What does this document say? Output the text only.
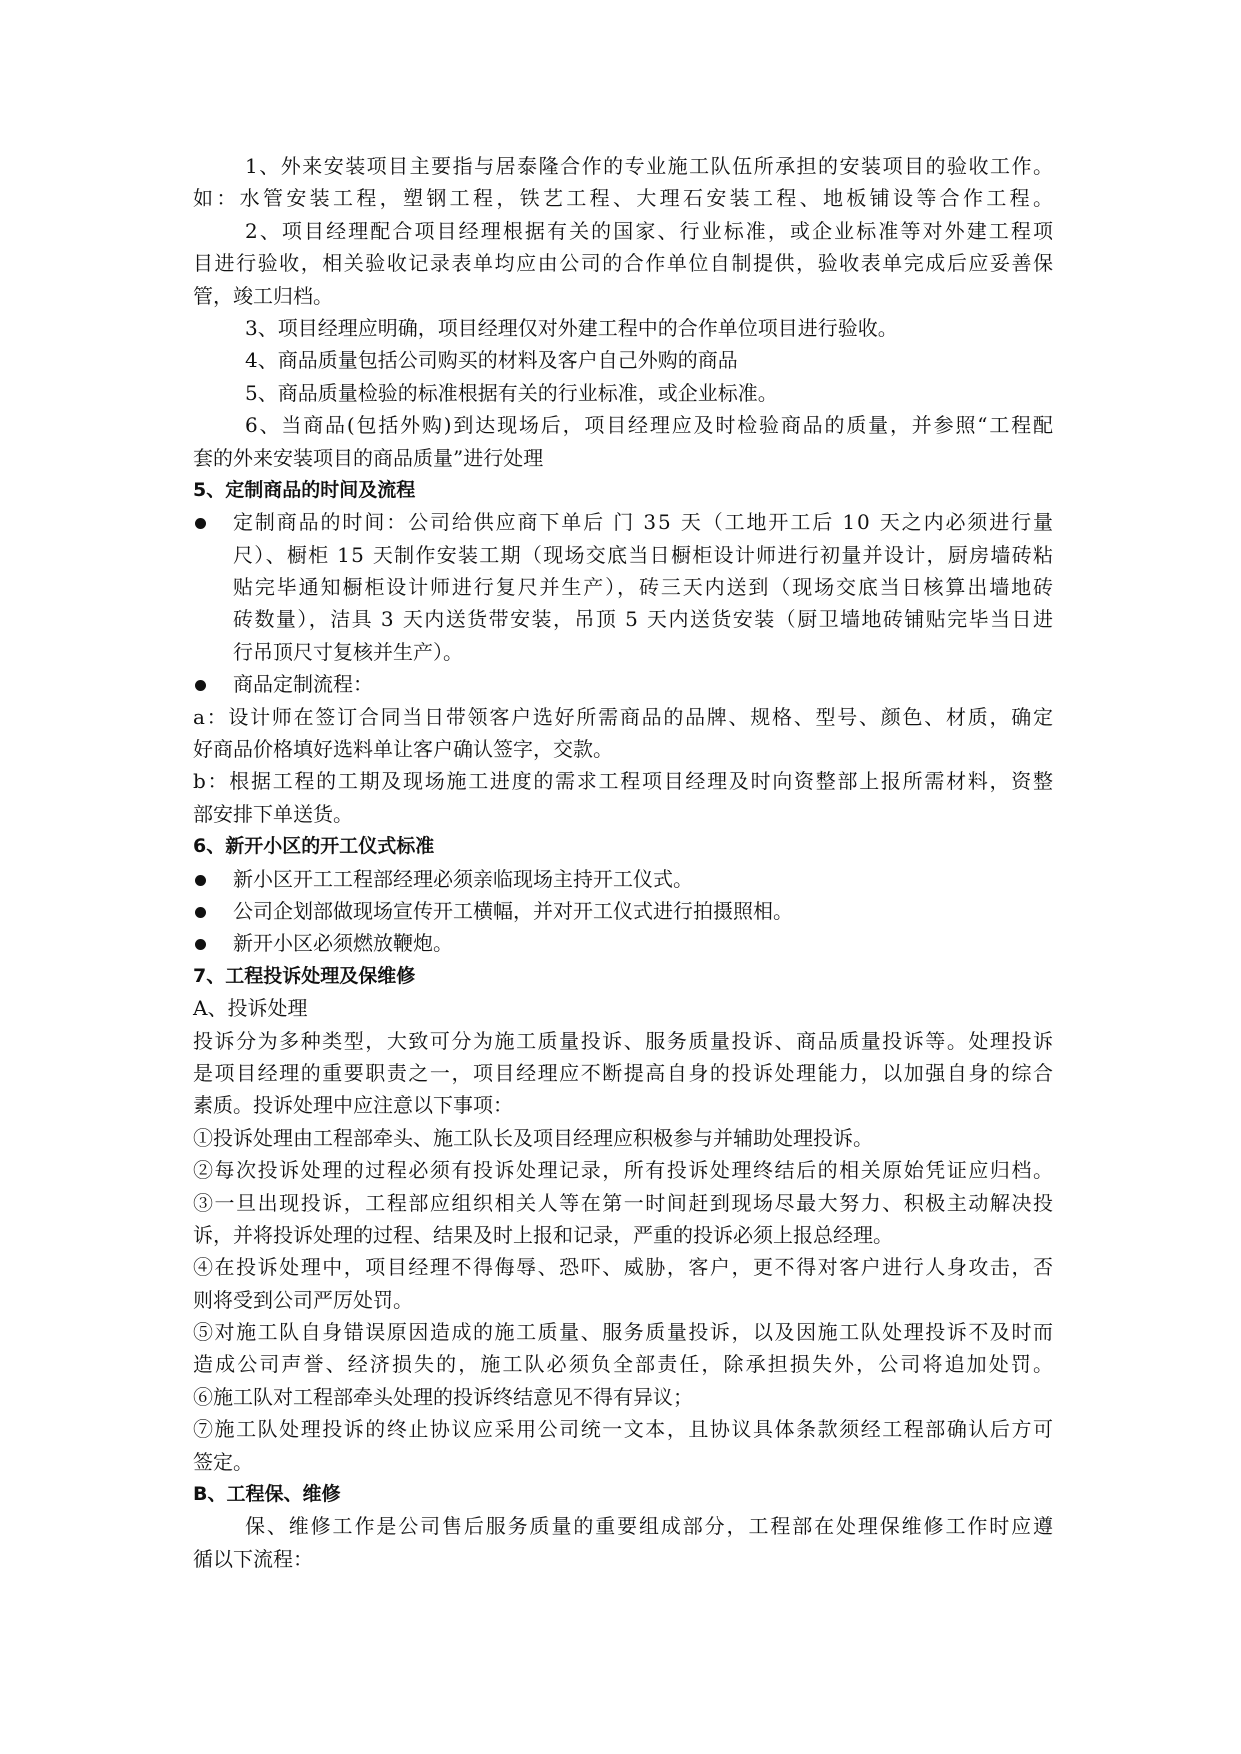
1、外来安装项目主要指与居泰隆合作的专业施工队伍所承担的安装项目的验收工作。
如：水管安装工程，塑钢工程，铁艺工程、大理石安装工程、地板铺设等合作工程。
2、项目经理配合项目经理根据有关的国家、行业标准，或企业标准等对外建工程项
目进行验收，相关验收记录表单均应由公司的合作单位自制提供，验收表单完成后应妥善保
管，竣工归档。
3、项目经理应明确，项目经理仅对外建工程中的合作单位项目进行验收。
4、商品质量包括公司购买的材料及客户自己外购的商品
5、商品质量检验的标准根据有关的行业标准，或企业标准。
6、当商品(包括外购)到达现场后，项目经理应及时检验商品的质量，并参照“工程配
套的外来安装项目的商品质量”进行处理
5、定制商品的时间及流程
定制商品的时间：公司给供应商下单后 门 35 天（工地开工后 10 天之内必须进行量
尺）、橱柜 15 天制作安装工期（现场交底当日橱柜设计师进行初量并设计，厨房墙砖粘
贴完毕通知橱柜设计师进行复尺并生产），砖三天内送到（现场交底当日核算出墙地砖
砖数量），洁具 3 天内送货带安装，吊顶 5 天内送货安装（厨卫墙地砖铺贴完毕当日进
行吊顶尺寸复核并生产）。
商品定制流程：
a：设计师在签订合同当日带领客户选好所需商品的品牌、规格、型号、颜色、材质，确定
好商品价格填好选料单让客户确认签字，交款。
b：根据工程的工期及现场施工进度的需求工程项目经理及时向资整部上报所需材料，资整
部安排下单送货。
6、新开小区的开工仪式标准
新小区开工工程部经理必须亲临现场主持开工仪式。
公司企划部做现场宣传开工横幅，并对开工仪式进行拍摄照相。
新开小区必须燃放鞭炮。
7、工程投诉处理及保维修
A、投诉处理
投诉分为多种类型，大致可分为施工质量投诉、服务质量投诉、商品质量投诉等。处理投诉
是项目经理的重要职责之一，项目经理应不断提高自身的投诉处理能力，以加强自身的综合
素质。投诉处理中应注意以下事项：
①投诉处理由工程部牵头、施工队长及项目经理应积极参与并辅助处理投诉。
②每次投诉处理的过程必须有投诉处理记录，所有投诉处理终结后的相关原始凭证应归档。
③一旦出现投诉，工程部应组织相关人等在第一时间赶到现场尽最大努力、积极主动解决投
诉，并将投诉处理的过程、结果及时上报和记录，严重的投诉必须上报总经理。
④在投诉处理中，项目经理不得侮辱、恐吓、威胁，客户，更不得对客户进行人身攻击，否
则将受到公司严厉处罚。
⑤对施工队自身错误原因造成的施工质量、服务质量投诉，以及因施工队处理投诉不及时而
造成公司声誉、经济损失的，施工队必须负全部责任，除承担损失外，公司将追加处罚。
⑥施工队对工程部牵头处理的投诉终结意见不得有异议；
⑦施工队处理投诉的终止协议应采用公司统一文本，且协议具体条款须经工程部确认后方可
签定。
B、工程保、维修
保、维修工作是公司售后服务质量的重要组成部分，工程部在处理保维修工作时应遵
循以下流程：
